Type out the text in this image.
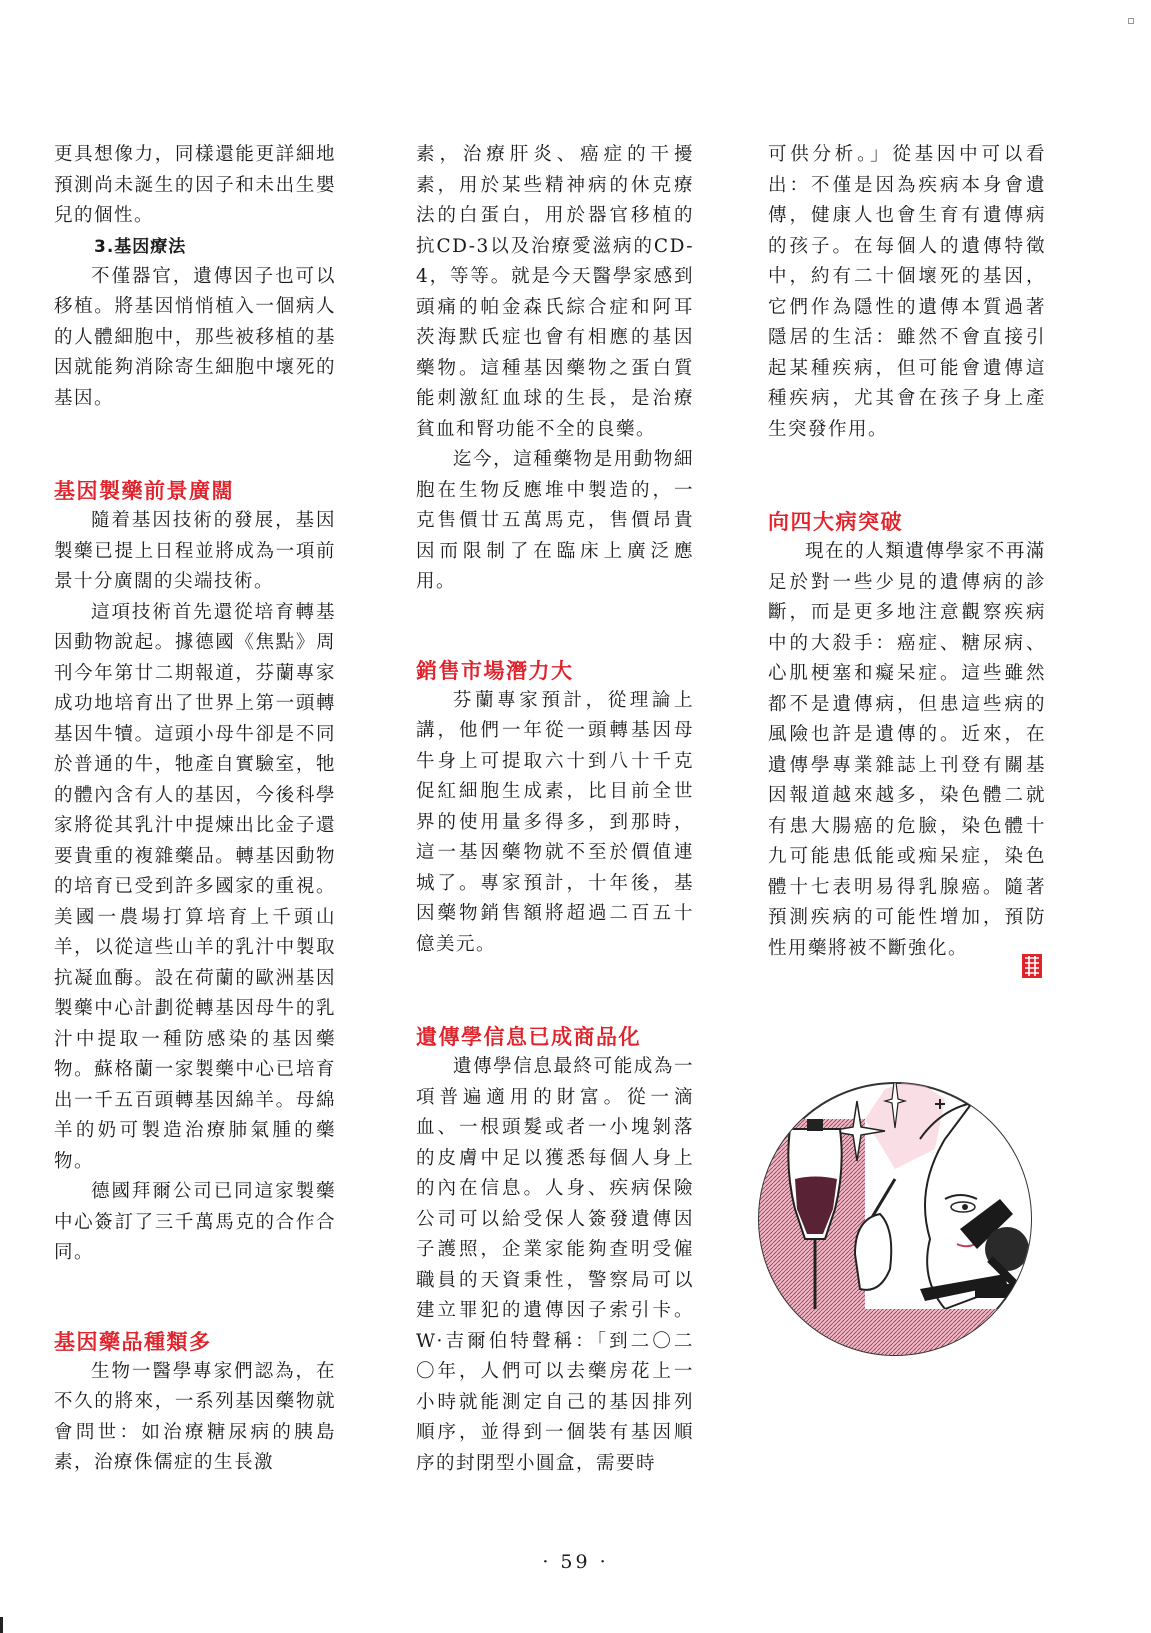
更具想像力，同樣還能更詳細地預測尚未誕生的因子和未出生嬰兒的個性。

3.基因療法

不僅器官，遺傳因子也可以移植。將基因悄悄植入一個病人的人體細胞中，那些被移植的基因就能夠消除寄生細胞中壞死的基因。

基因製藥前景廣闊

隨着基因技術的發展，基因製藥已提上日程並將成為一項前景十分廣闊的尖端技術。

這項技術首先還從培育轉基因動物說起。據德國《焦點》周刊今年第廿二期報道，芬蘭專家成功地培育出了世界上第一頭轉基因牛犢。這頭小母牛卻是不同於普通的牛，牠產自實驗室，牠的體內含有人的基因，今後科學家將從其乳汁中提煉出比金子還要貴重的複雜藥品。轉基因動物的培育已受到許多國家的重視。美國一農場打算培育上千頭山羊，以從這些山羊的乳汁中製取抗凝血酶。設在荷蘭的歐洲基因製藥中心計劃從轉基因母牛的乳汁中提取一種防感染的基因藥物。蘇格蘭一家製藥中心已培育出一千五百頭轉基因綿羊。母綿羊的奶可製造治療肺氣腫的藥物。

德國拜爾公司已同這家製藥中心簽訂了三千萬馬克的合作合同。

基因藥品種類多

生物一醫學專家們認為，在不久的將來，一系列基因藥物就會問世：如治療糖尿病的胰島素，治療侏儒症的生長激

素，治療肝炎、癌症的干擾素，用於某些精神病的休克療法的白蛋白，用於器官移植的抗CD-3以及治療愛滋病的CD-4，等等。就是今天醫學家感到頭痛的帕金森氏綜合症和阿耳茨海默氏症也會有相應的基因藥物。這種基因藥物之蛋白質能刺激紅血球的生長，是治療貧血和腎功能不全的良藥。

迄今，這種藥物是用動物細胞在生物反應堆中製造的，一克售價廿五萬馬克，售價昂貴因而限制了在臨床上廣泛應用。

銷售市場潛力大

芬蘭專家預計，從理論上講，他們一年從一頭轉基因母牛身上可提取六十到八十千克促紅細胞生成素，比目前全世界的使用量多得多，到那時，這一基因藥物就不至於價值連城了。專家預計，十年後，基因藥物銷售額將超過二百五十億美元。

遺傳學信息已成商品化

遺傳學信息最終可能成為一項普遍適用的財富。從一滴血、一根頭髮或者一小塊剝落的皮膚中足以獲悉每個人身上的內在信息。人身、疾病保險公司可以給受保人簽發遺傳因子護照，企業家能夠查明受僱職員的天資秉性，警察局可以建立罪犯的遺傳因子索引卡。W·吉爾伯特聲稱：「到二〇二〇年，人們可以去藥房花上一小時就能測定自己的基因排列順序，並得到一個裝有基因順序的封閉型小圓盒，需要時

可供分析。」從基因中可以看出：不僅是因為疾病本身會遺傳，健康人也會生育有遺傳病的孩子。在每個人的遺傳特徵中，約有二十個壞死的基因，它們作為隱性的遺傳本質過著隱居的生活：雖然不會直接引起某種疾病，但可能會遺傳這種疾病，尤其會在孩子身上產生突發作用。

向四大病突破

現在的人類遺傳學家不再滿足於對一些少見的遺傳病的診斷，而是更多地注意觀察疾病中的大殺手：癌症、糖尿病、心肌梗塞和癡呆症。這些雖然都不是遺傳病，但患這些病的風險也許是遺傳的。近來，在遺傳學專業雜誌上刊登有關基因報道越來越多，染色體二就有患大腸癌的危臉，染色體十九可能患低能或痴呆症，染色體十七表明易得乳腺癌。隨著預測疾病的可能性增加，預防性用藥將被不斷強化。

· 59 ·
